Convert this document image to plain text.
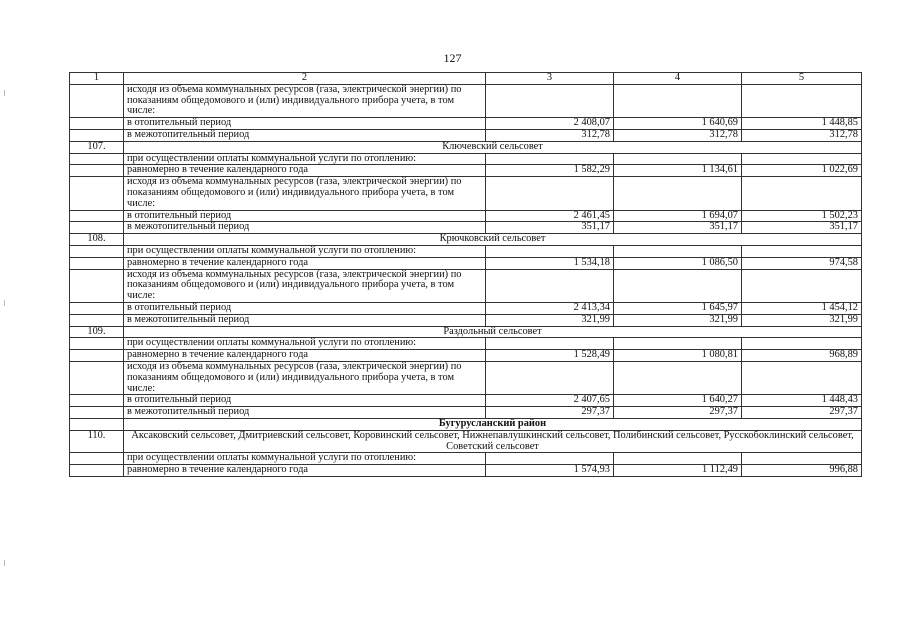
127
1	2	3	4	5
	исходя из объема коммунальных ресурсов (газа, электрической энергии) по показаниям общедомового и (или) индивидуального прибора учета, в том числе:			
	в отопительный период	2 408,07	1 640,69	1 448,85
	в межотопительный период	312,78	312,78	312,78
107.	Ключевский сельсовет			
	при осуществлении оплаты коммунальной услуги по отоплению:			
	равномерно в течение календарного года	1 582,29	1 134,61	1 022,69
	исходя из объема коммунальных ресурсов (газа, электрической энергии) по показаниям общедомового и (или) индивидуального прибора учета, в том числе:			
	в отопительный период	2 461,45	1 694,07	1 502,23
	в межотопительный период	351,17	351,17	351,17
108.	Крючковский сельсовет			
	при осуществлении оплаты коммунальной услуги по отоплению:			
	равномерно в течение календарного года	1 534,18	1 086,50	974,58
	исходя из объема коммунальных ресурсов (газа, электрической энергии) по показаниям общедомового и (или) индивидуального прибора учета, в том числе:			
	в отопительный период	2 413,34	1 645,97	1 454,12
	в межотопительный период	321,99	321,99	321,99
109.	Раздольный сельсовет			
	при осуществлении оплаты коммунальной услуги по отоплению:			
	равномерно в течение календарного года	1 528,49	1 080,81	968,89
	исходя из объема коммунальных ресурсов (газа, электрической энергии) по показаниям общедомового и (или) индивидуального прибора учета, в том числе:			
	в отопительный период	2 407,65	1 640,27	1 448,43
	в межотопительный период	297,37	297,37	297,37
	Бугурусланский район			
110.	Аксаковский сельсовет, Дмитриевский сельсовет, Коровинский сельсовет, Нижнепавлушкинский сельсовет, Полибинский сельсовет, Русскобоклинский сельсовет, Советский сельсовет			
	при осуществлении оплаты коммунальной услуги по отоплению:			
	равномерно в течение календарного года	1 574,93	1 112,49	996,88
